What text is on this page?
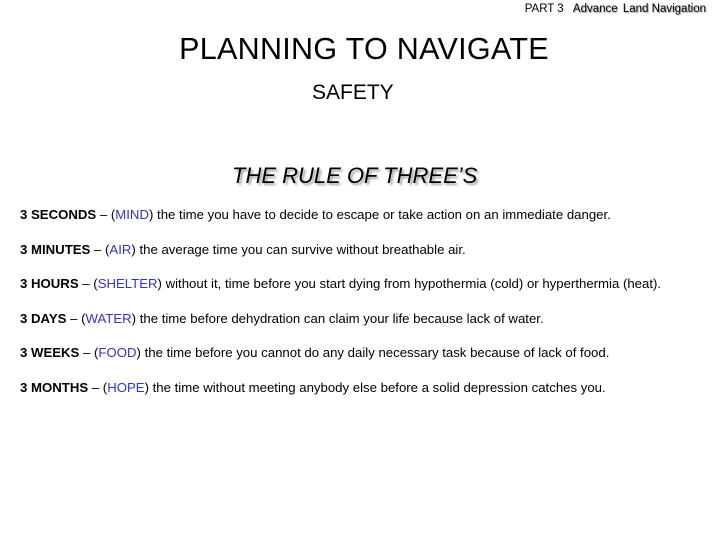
PART 3 Advance Land Navigation
PLANNING TO NAVIGATE
SAFETY
THE RULE OF THREE’S
3 SECONDS – (MIND) the time you have to decide to escape or take action on an immediate danger.
3 MINUTES – (AIR) the average time you can survive without breathable air.
3 HOURS – (SHELTER) without it, time before you start dying from hypothermia (cold) or hyperthermia (heat).
3 DAYS – (WATER) the time before dehydration can claim your life because lack of water.
3 WEEKS – (FOOD) the time before you cannot do any daily necessary task because of lack of food.
3 MONTHS – (HOPE) the time without meeting anybody else before a solid depression catches you.
